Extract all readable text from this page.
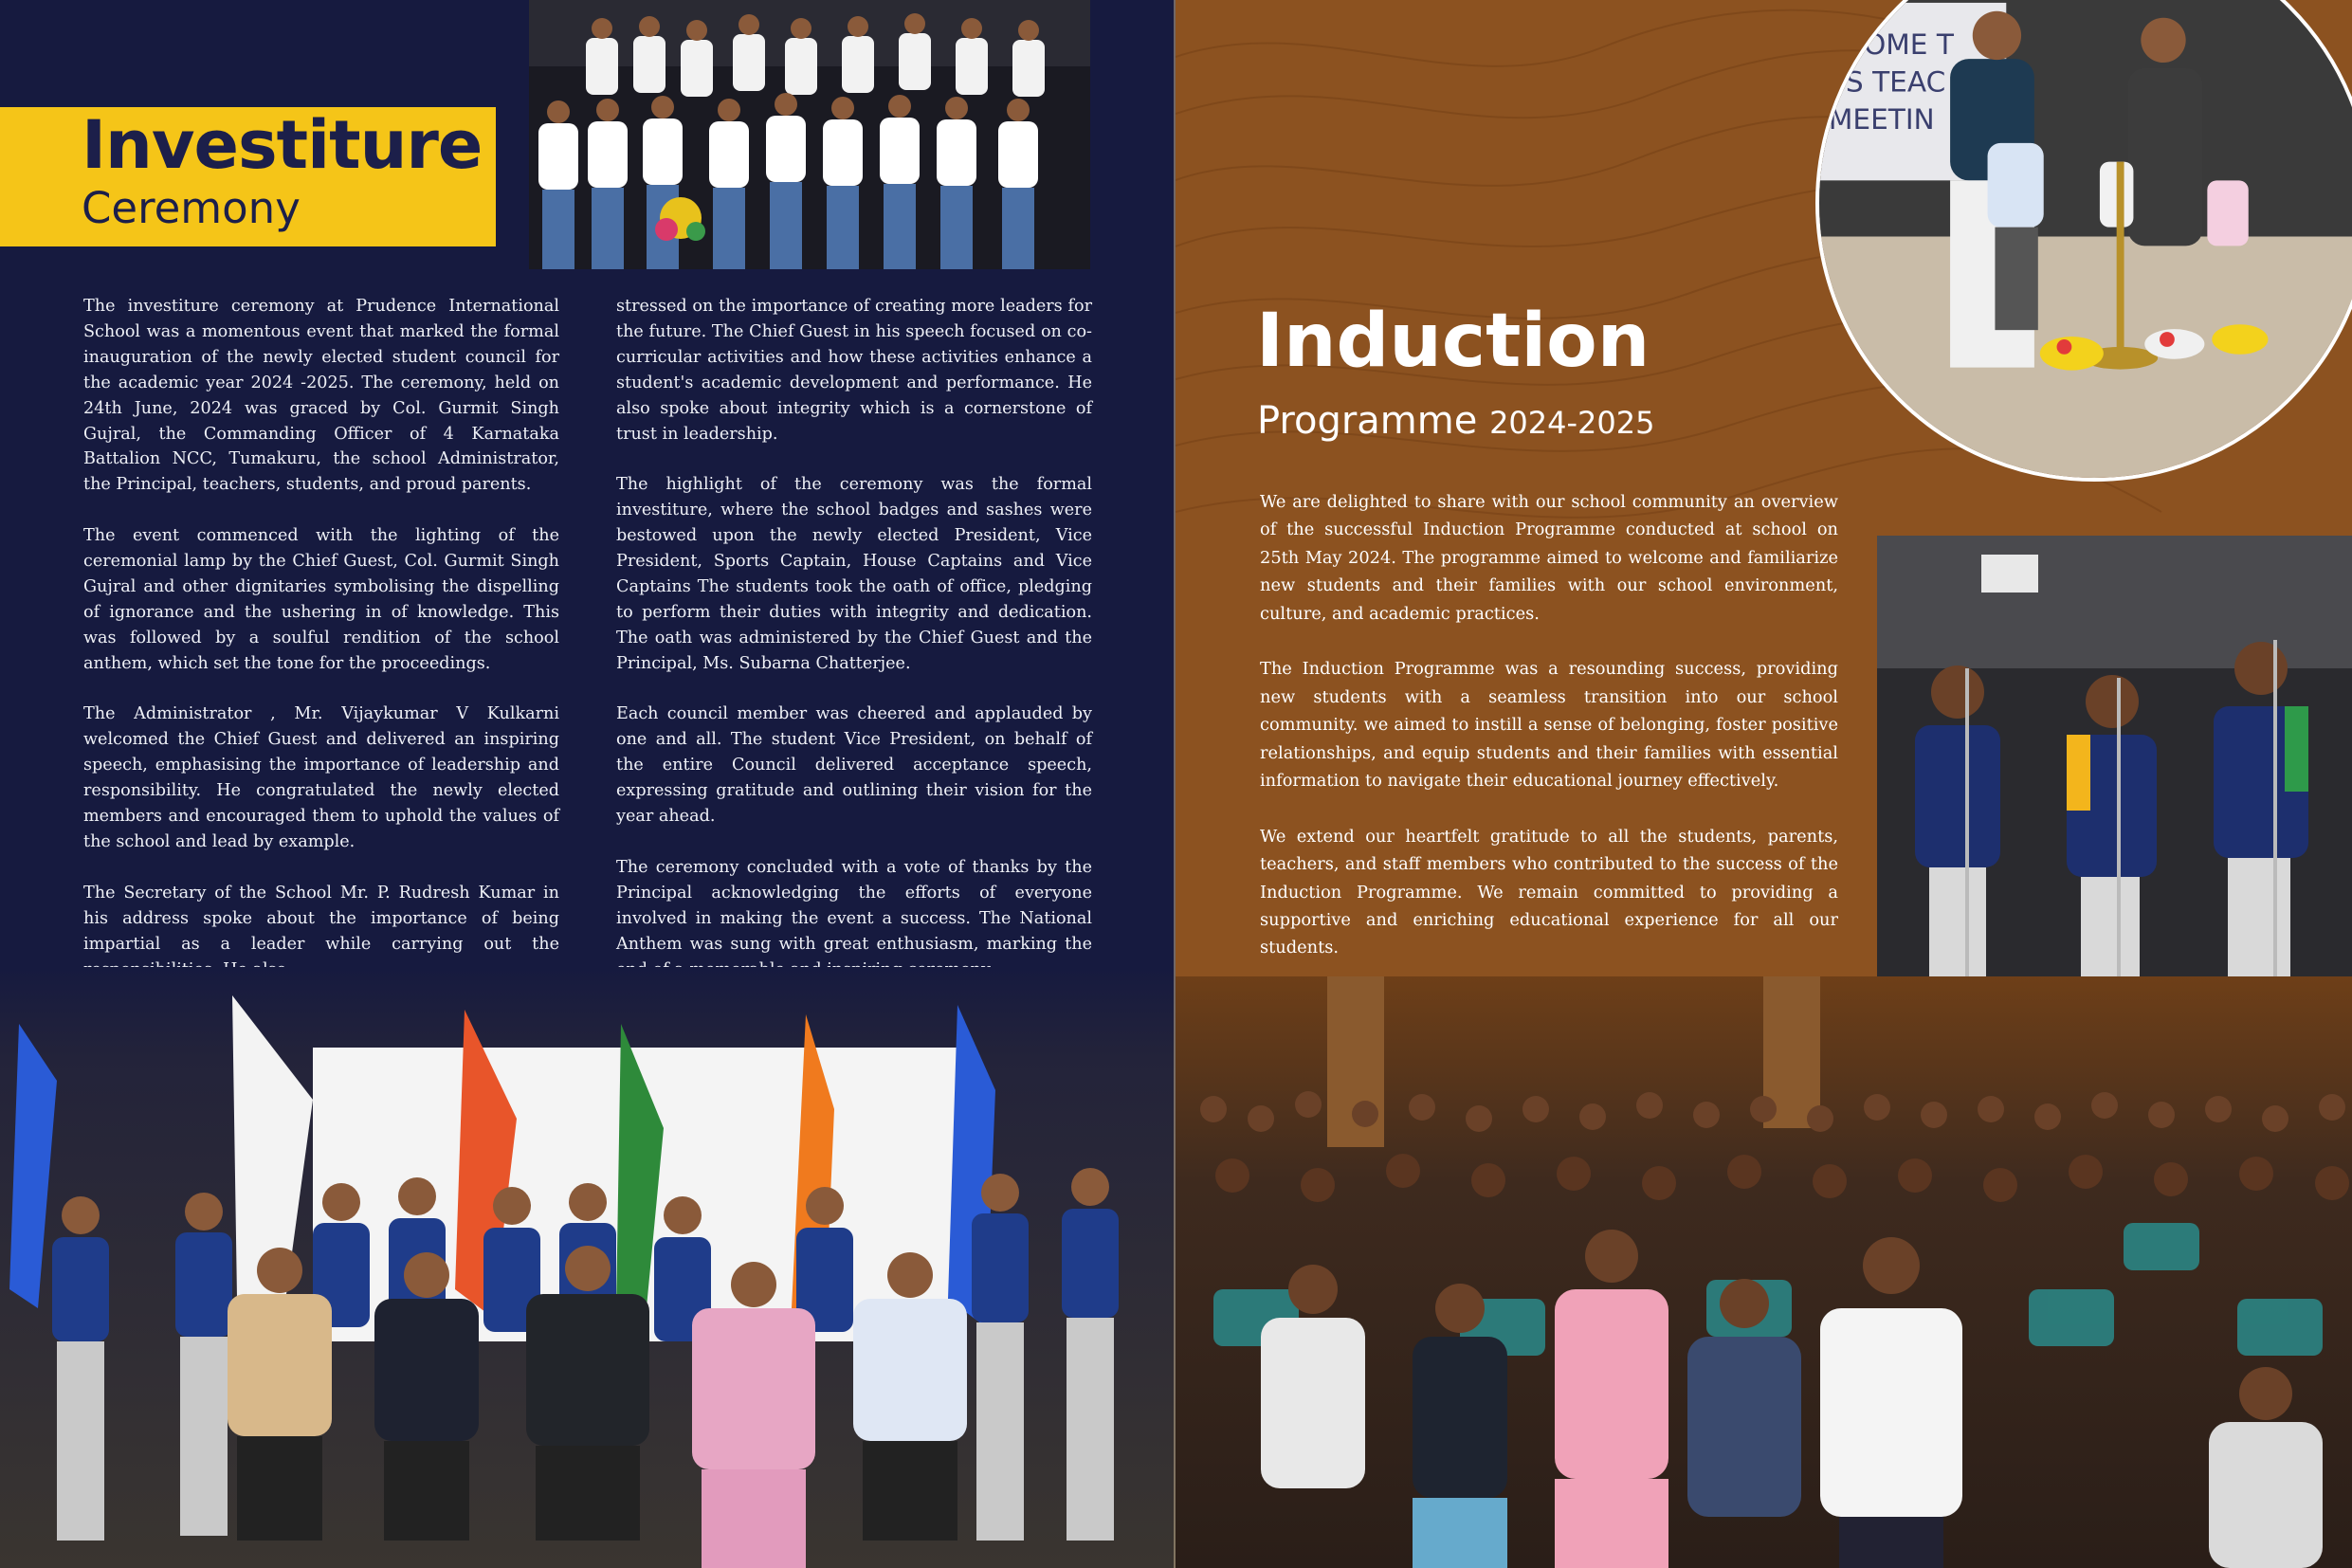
Investiture
Ceremony

The investiture ceremony at Prudence International School was a momentous event that marked the formal inauguration of the newly elected student council for the academic year 2024 -2025. The ceremony, held on 24th June, 2024 was graced by Col. Gurmit Singh Gujral, the Commanding Officer of 4 Karnataka Battalion NCC, Tumakuru, the school Administrator, the Principal, teachers, students, and proud parents.

The event commenced with the lighting of the ceremonial lamp by the Chief Guest, Col. Gurmit Singh Gujral and other dignitaries symbolising the dispelling of ignorance and the ushering in of knowledge. This was followed by a soulful rendition of the school anthem, which set the tone for the proceedings.

The Administrator , Mr. Vijaykumar V Kulkarni welcomed the Chief Guest and delivered an inspiring speech, emphasising the importance of leadership and responsibility. He congratulated the newly elected members and encouraged them to uphold the values of the school and lead by example.

The Secretary of the School Mr. P. Rudresh Kumar in his address spoke about the importance of being impartial as a leader while carrying out the

stressed on the importance of creating more leaders for the future. The Chief Guest in his speech focused on co-curricular activities and how these activities enhance a student's academic development and performance. He also spoke about integrity which is a cornerstone of trust in leadership.

The highlight of the ceremony was the formal investiture, where the school badges and sashes were bestowed upon the newly elected President, Vice President, Sports Captain, House Captains and Vice Captains The students took the oath of office, pledging to perform their duties with integrity and dedication. The oath was administered by the Chief Guest and the Principal, Ms. Subarna Chatterjee.

Each council member was cheered and applauded by one and all. The student Vice President, on behalf of the entire Council delivered acceptance speech, expressing gratitude and outlining their vision for the year ahead.

The ceremony concluded with a vote of thanks by the Principal acknowledging the efforts of everyone involved in making the event a success. The National Anthem was sung with great enthusiasm, marking the

LCOME T
TS TEAC
MEETIN
Induction
Programme 2024-2025

We are delighted to share with our school community an overview of the successful Induction Programme conducted at school on 25th May 2024. The programme aimed to welcome and familiarize new students and their families with our school environment, culture, and academic practices.

The Induction Programme was a resounding success, providing new students with a seamless transition into our school community. we aimed to instill a sense of belonging, foster positive relationships, and equip students and their families with essential information to navigate their educational journey effectively.

We extend our heartfelt gratitude to all the students, parents, teachers, and staff members who contributed to the success of the Induction Programme. We remain committed to providing a supportive and enriching educational experience for all our students.
